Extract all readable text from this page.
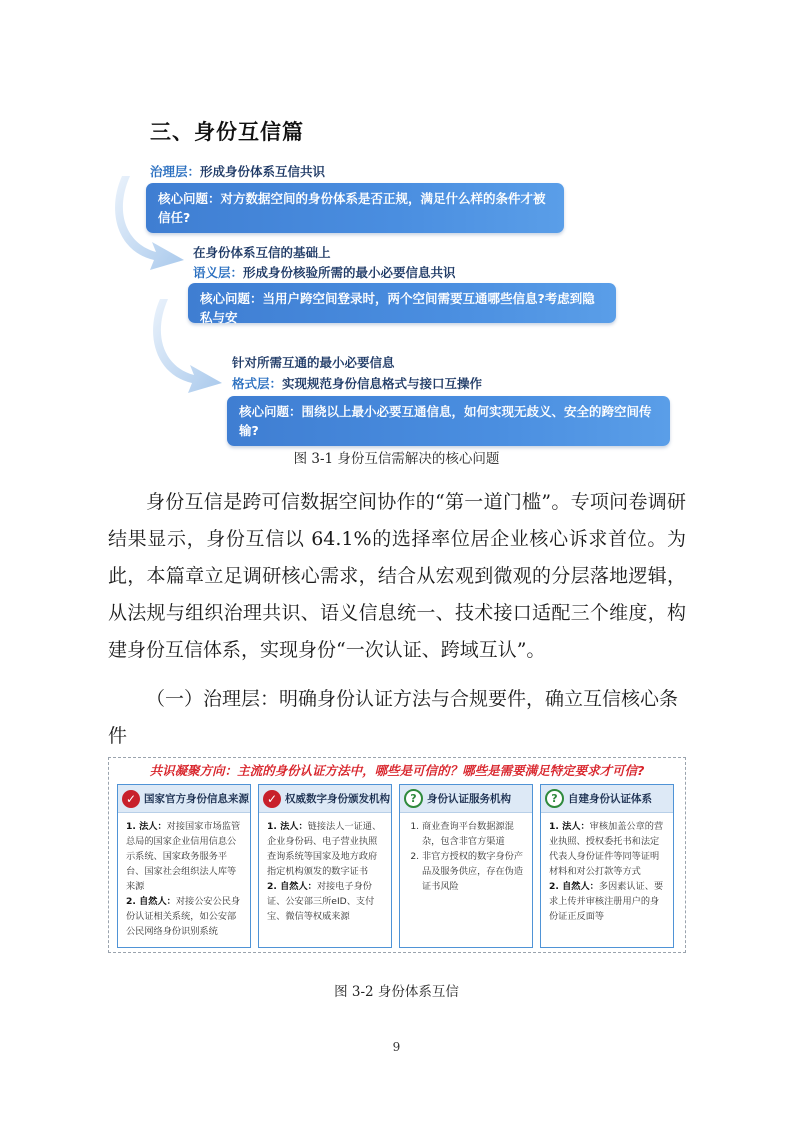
三、身份互信篇
治理层：形成身份体系互信共识
核心问题：对方数据空间的身份体系是否正规，满足什么样的条件才被信任?
在身份体系互信的基础上
语义层：形成身份核验所需的最小必要信息共识
核心问题：当用户跨空间登录时，两个空间需要互通哪些信息?考虑到隐私与安
全，最小必要互通的是哪些?
针对所需互通的最小必要信息
格式层：实现规范身份信息格式与接口互操作
核心问题：围绕以上最小必要互通信息，如何实现无歧义、安全的跨空间传输?
图 3-1 身份互信需解决的核心问题

身份互信是跨可信数据空间协作的“第一道门槛”。专项问卷调研结果显示，身份互信以 64.1%的选择率位居企业核心诉求首位。为此，本篇章立足调研核心需求，结合从宏观到微观的分层落地逻辑，从法规与组织治理共识、语义信息统一、技术接口适配三个维度，构建身份互信体系，实现身份“一次认证、跨域互认”。

（一）治理层：明确身份认证方法与合规要件，确立互信核心条件
共识凝聚方向：主流的身份认证方法中，哪些是可信的？哪些是需要满足特定要求才可信?
✓ 国家官方身份信息来源
1. 法人：对接国家市场监管总局的国家企业信用信息公示系统、国家政务服务平台、国家社会组织法人库等来源
2. 自然人：对接公安公民身份认证相关系统，如公安部公民网络身份识别系统
✓ 权威数字身份颁发机构
1. 法人：链接法人一证通、企业身份码、电子营业执照查询系统等国家及地方政府指定机构颁发的数字证书
2. 自然人：对接电子身份证、公安部三所eID、支付宝、微信等权威来源
? 身份认证服务机构
1. 商业查询平台数据源混杂，包含非官方渠道
2. 非官方授权的数字身份产品及服务供应，存在伪造证书风险
? 自建身份认证体系
1. 法人：审核加盖公章的营业执照、授权委托书和法定代表人身份证件等同等证明材料和对公打款等方式
2. 自然人：多因素认证、要求上传并审核注册用户的身份证正反面等
图 3-2 身份体系互信
9
